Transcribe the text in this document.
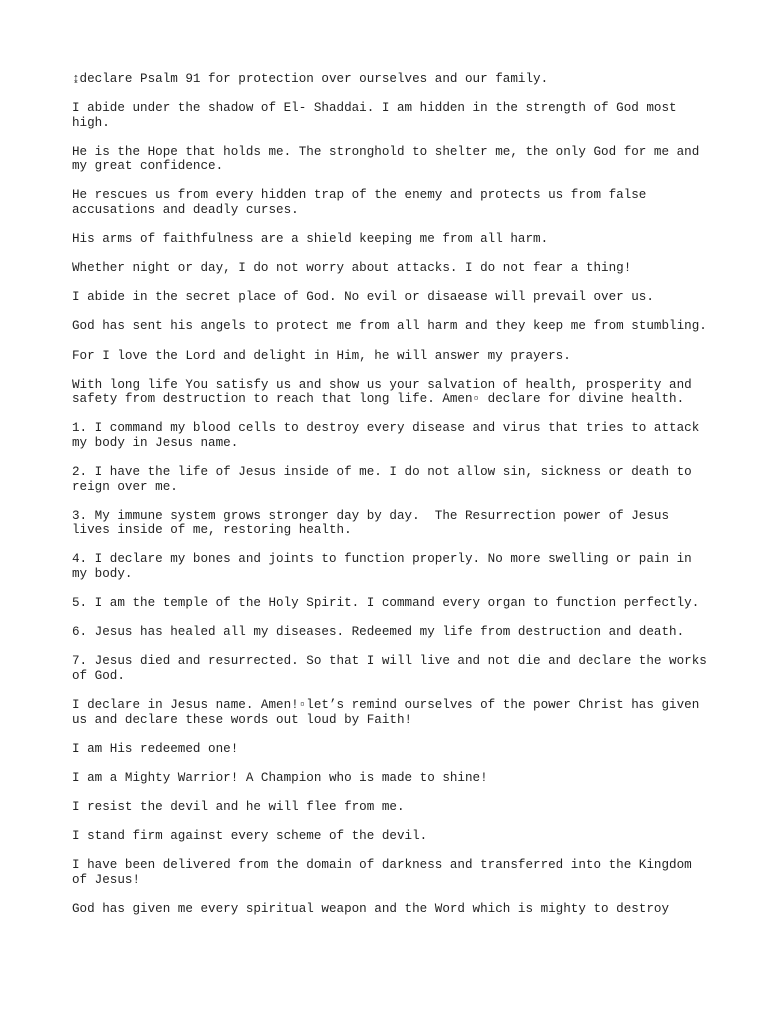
↨declare Psalm 91 for protection over ourselves and our family.

I abide under the shadow of El- Shaddai. I am hidden in the strength of God most high.

He is the Hope that holds me. The stronghold to shelter me, the only God for me and my great confidence.

He rescues us from every hidden trap of the enemy and protects us from false accusations and deadly curses.

His arms of faithfulness are a shield keeping me from all harm.

Whether night or day, I do not worry about attacks. I do not fear a thing!

I abide in the secret place of God. No evil or disaease will prevail over us.

God has sent his angels to protect me from all harm and they keep me from stumbling.

For I love the Lord and delight in Him, he will answer my prayers.

With long life You satisfy us and show us your salvation of health, prosperity and safety from destruction to reach that long life. Amen▫ declare for divine health.

1. I command my blood cells to destroy every disease and virus that tries to attack my body in Jesus name.

2. I have the life of Jesus inside of me. I do not allow sin, sickness or death to reign over me.

3. My immune system grows stronger day by day.  The Resurrection power of Jesus lives inside of me, restoring health.

4. I declare my bones and joints to function properly. No more swelling or pain in my body.

5. I am the temple of the Holy Spirit. I command every organ to function perfectly.

6. Jesus has healed all my diseases. Redeemed my life from destruction and death.

7. Jesus died and resurrected. So that I will live and not die and declare the works of God.

I declare in Jesus name. Amen!▫let’s remind ourselves of the power Christ has given us and declare these words out loud by Faith!

I am His redeemed one!

I am a Mighty Warrior! A Champion who is made to shine!

I resist the devil and he will flee from me.

I stand firm against every scheme of the devil.

I have been delivered from the domain of darkness and transferred into the Kingdom of Jesus!

God has given me every spiritual weapon and the Word which is mighty to destroy
